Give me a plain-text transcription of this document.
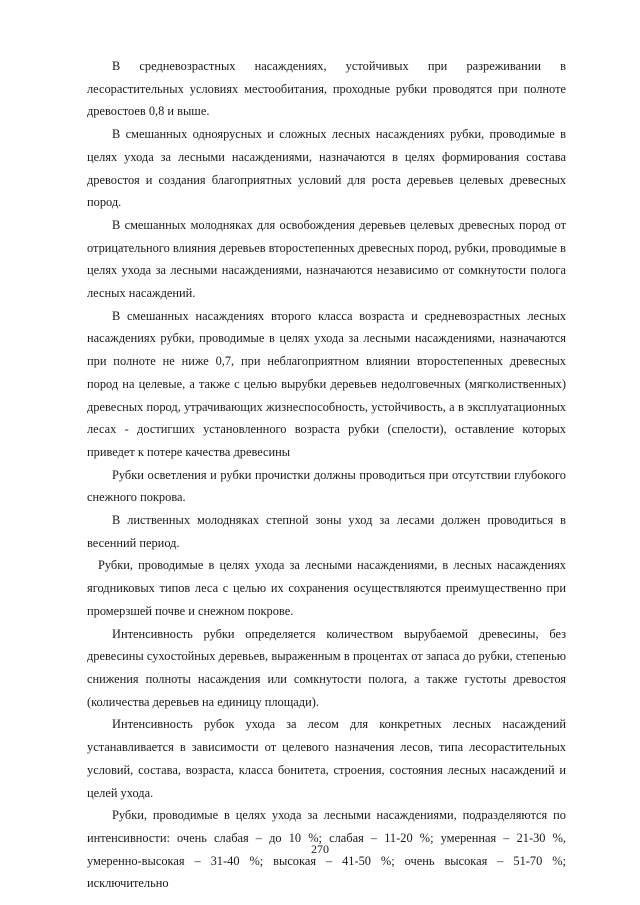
В средневозрастных насаждениях, устойчивых при разреживании в лесорастительных условиях местообитания, проходные рубки проводятся при полноте древостоев 0,8 и выше.

В смешанных одноярусных и сложных лесных насаждениях рубки, проводимые в целях ухода за лесными насаждениями, назначаются в целях формирования состава древостоя и создания благоприятных условий для роста деревьев целевых древесных пород.

В смешанных молодняках для освобождения деревьев целевых древесных пород от отрицательного влияния деревьев второстепенных древесных пород, рубки, проводимые в целях ухода за лесными насаждениями, назначаются независимо от сомкнутости полога лесных насаждений.

В смешанных насаждениях второго класса возраста и средневозрастных лесных насаждениях рубки, проводимые в целях ухода за лесными насаждениями, назначаются при полноте не ниже 0,7, при неблагоприятном влиянии второстепенных древесных пород на целевые, а также с целью вырубки деревьев недолговечных (мягколиственных) древесных пород, утрачивающих жизнеспособность, устойчивость, а в эксплуатационных лесах - достигших установленного возраста рубки (спелости), оставление которых приведет к потере качества древесины

Рубки осветления и рубки прочистки должны проводиться при отсутствии глубокого снежного покрова.

В лиственных молодняках степной зоны уход за лесами должен проводиться в весенний период.

Рубки, проводимые в целях ухода за лесными насаждениями, в лесных насаждениях ягодниковых типов леса с целью их сохранения осуществляются преимущественно при промерзшей почве и снежном покрове.

Интенсивность рубки определяется количеством вырубаемой древесины, без древесины сухостойных деревьев, выраженным в процентах от запаса до рубки, степенью снижения полноты насаждения или сомкнутости полога, а также густоты древостоя (количества деревьев на единицу площади).

Интенсивность рубок ухода за лесом для конкретных лесных насаждений устанавливается в зависимости от целевого назначения лесов, типа лесорастительных условий, состава, возраста, класса бонитета, строения, состояния лесных насаждений и целей ухода.

Рубки, проводимые в целях ухода за лесными насаждениями, подразделяются по интенсивности: очень слабая – до 10 %; слабая – 11-20 %; умеренная – 21-30 %, умеренно-высокая – 31-40 %; высокая – 41-50 %; очень высокая – 51-70 %; исключительно

270
